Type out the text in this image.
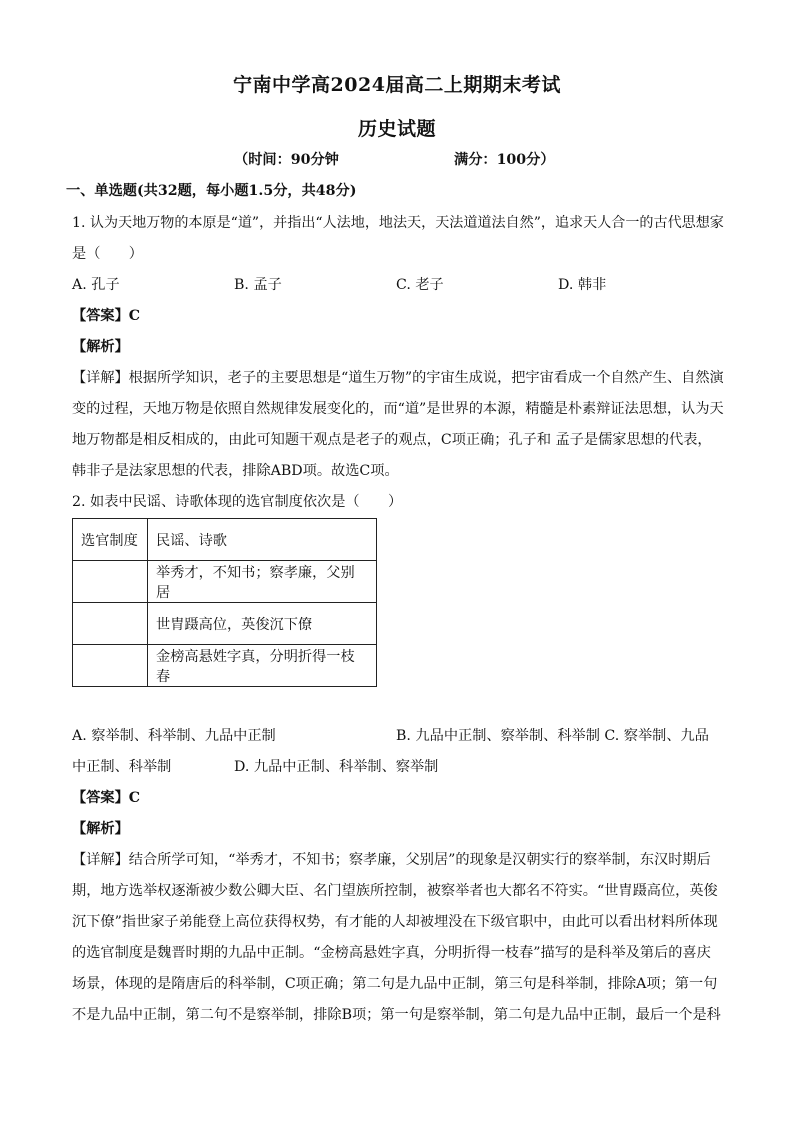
宁南中学高2024届高二上期期末考试
历史试题
（时间：90分钟	满分：100分）
一、单选题(共32题，每小题1.5分，共48分)
1. 认为天地万物的本原是“道”，并指出“人法地，地法天，天法道道法自然”，追求天人合一的古代思想家
是（　　）
A. 孔子	B. 孟子	C. 老子	D. 韩非
【答案】C
【解析】
【详解】根据所学知识，老子的主要思想是“道生万物”的宇宙生成说，把宇宙看成一个自然产生、自然演
变的过程，天地万物是依照自然规律发展变化的，而“道”是世界的本源，精髓是朴素辩证法思想，认为天
地万物都是相反相成的，由此可知题干观点是老子的观点，C项正确；孔子和 孟子是儒家思想的代表，
韩非子是法家思想的代表，排除ABD项。故选C项。
2. 如表中民谣、诗歌体现的选官制度依次是（　　）
选官制度	民谣、诗歌
	举秀才，不知书；察孝廉，父别居
	世胄蹑高位，英俊沉下僚
	金榜高悬姓字真，分明折得一枝春
A. 察举制、科举制、九品中正制	B. 九品中正制、察举制、科举制 C. 察举制、九品
中正制、科举制	D. 九品中正制、科举制、察举制
【答案】C
【解析】
【详解】结合所学可知，“举秀才，不知书；察孝廉，父别居”的现象是汉朝实行的察举制，东汉时期后
期，地方选举权逐渐被少数公卿大臣、名门望族所控制，被察举者也大都名不符实。“世胄蹑高位，英俊
沉下僚”指世家子弟能登上高位获得权势，有才能的人却被埋没在下级官职中，由此可以看出材料所体现
的选官制度是魏晋时期的九品中正制。“金榜高悬姓字真，分明折得一枝春”描写的是科举及第后的喜庆
场景，体现的是隋唐后的科举制，C项正确；第二句是九品中正制，第三句是科举制，排除A项；第一句
不是九品中正制，第二句不是察举制，排除B项；第一句是察举制，第二句是九品中正制，最后一个是科
